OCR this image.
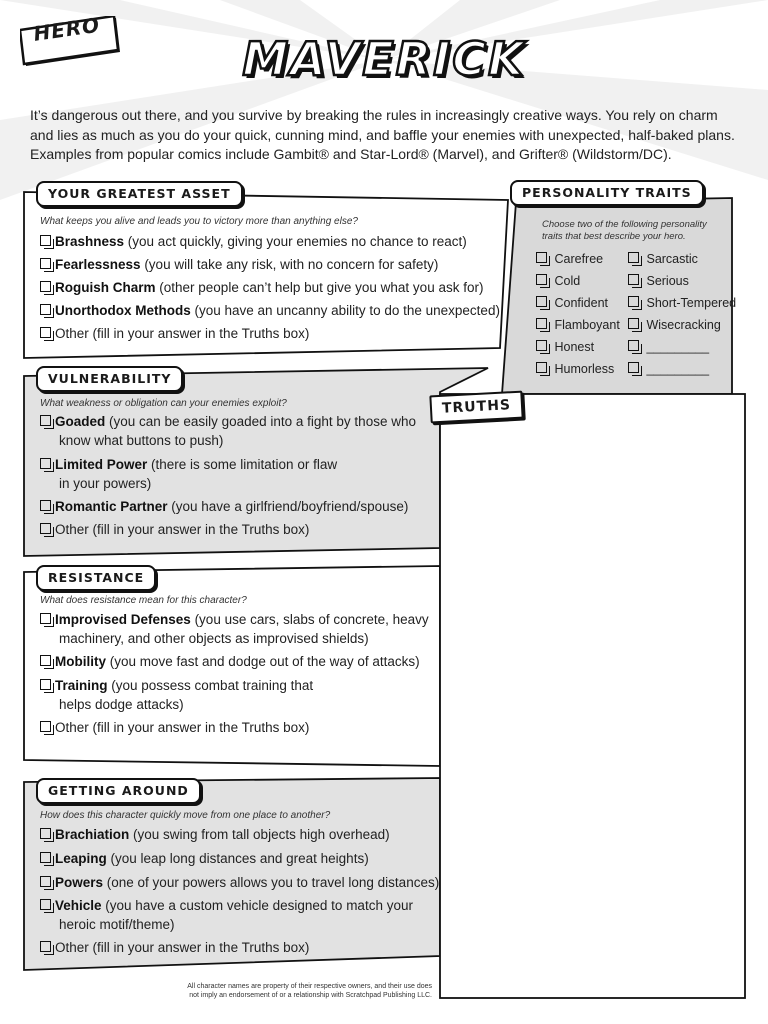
HERO
MAVERICK
It’s dangerous out there, and you survive by breaking the rules in increasingly creative ways. You rely on charm and lies as much as you do your quick, cunning mind, and baffle your enemies with unexpected, half-baked plans. Examples from popular comics include Gambit® and Star-Lord® (Marvel), and Grifter® (Wildstorm/DC).
YOUR GREATEST ASSET
What keeps you alive and leads you to victory more than anything else?
Brashness (you act quickly, giving your enemies no chance to react)
Fearlessness (you will take any risk, with no concern for safety)
Roguish Charm (other people can’t help but give you what you ask for)
Unorthodox Methods (you have an uncanny ability to do the unexpected)
Other (fill in your answer in the Truths box)
PERSONALITY TRAITS
Choose two of the following personality
traits that best describe your hero.
Carefree
Cold
Confident
Flamboyant
Honest
Humorless
Sarcastic
Serious
Short-Tempered
Wisecracking
_________
_________
VULNERABILITY
What weakness or obligation can your enemies exploit?
Goaded (you can be easily goaded into a fight by those who
know what buttons to push)
Limited Power (there is some limitation or flaw
in your powers)
Romantic Partner (you have a girlfriend/boyfriend/spouse)
Other (fill in your answer in the Truths box)
TRUTHS
RESISTANCE
What does resistance mean for this character?
Improvised Defenses (you use cars, slabs of concrete, heavy
machinery, and other objects as improvised shields)
Mobility (you move fast and dodge out of the way of attacks)
Training (you possess combat training that
helps dodge attacks)
Other (fill in your answer in the Truths box)
GETTING AROUND
How does this character quickly move from one place to another?
Brachiation (you swing from tall objects high overhead)
Leaping (you leap long distances and great heights)
Powers (one of your powers allows you to travel long distances)
Vehicle (you have a custom vehicle designed to match your
heroic motif/theme)
Other (fill in your answer in the Truths box)
All character names are property of their respective owners, and their use does
not imply an endorsement of or a relationship with Scratchpad Publishing LLC.
